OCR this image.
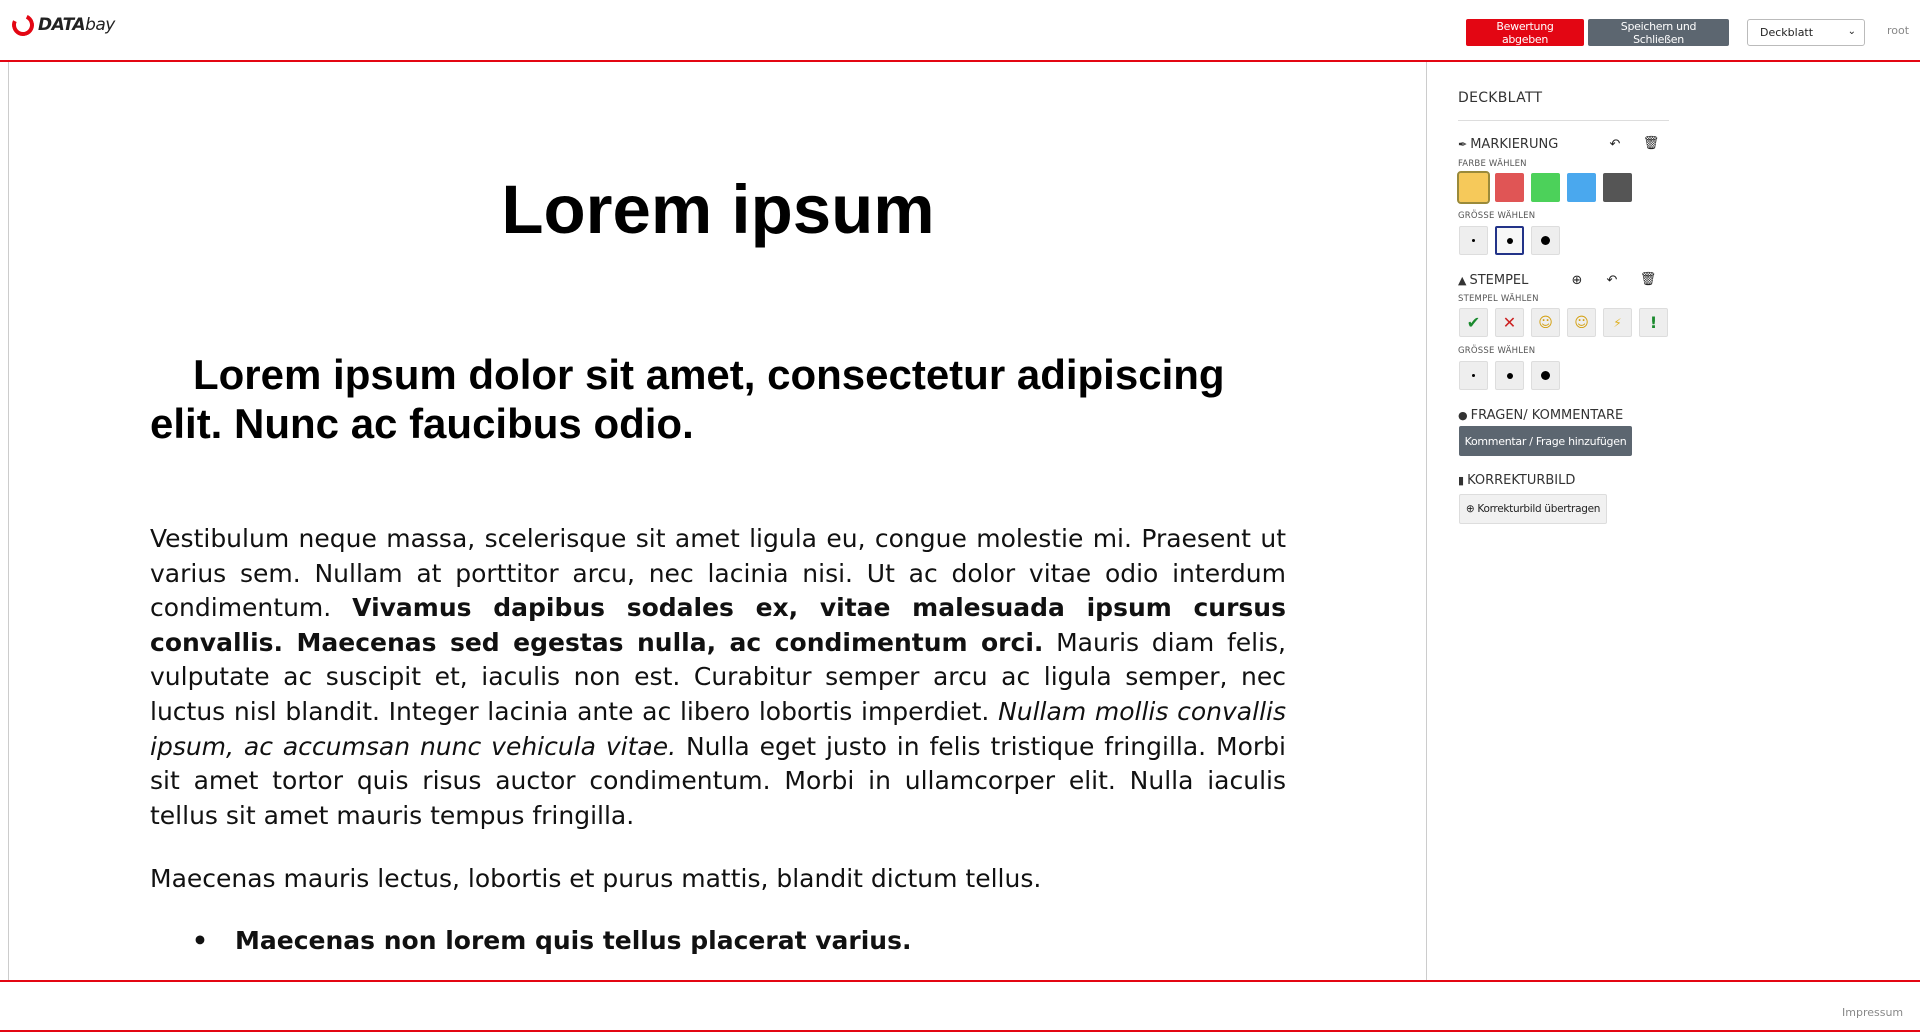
DATAbay	Bewertung abgeben
Speichern und Schließen	Deckblatt	⌄	root
Lorem ipsum
Lorem ipsum dolor sit amet, consectetur adipiscing elit. Nunc ac faucibus odio.

Vestibulum neque massa, scelerisque sit amet ligula eu, congue molestie mi. Praesent ut varius sem. Nullam at porttitor arcu, nec lacinia nisi. Ut ac dolor vitae odio interdum condimentum. Vivamus dapibus sodales ex, vitae malesuada ipsum cursus convallis. Maecenas sed egestas nulla, ac condimentum orci. Mauris diam felis, vulputate ac suscipit et, iaculis non est. Curabitur semper arcu ac ligula semper, nec luctus nisl blandit. Integer lacinia ante ac libero lobortis imperdiet. Nullam mollis convallis ipsum, ac accumsan nunc vehicula vitae. Nulla eget justo in felis tristique fringilla. Morbi sit amet tortor quis risus auctor condimentum. Morbi in ullamcorper elit. Nulla iaculis tellus sit amet mauris tempus fringilla.

Maecenas mauris lectus, lobortis et purus mattis, blandit dictum tellus.

• Maecenas non lorem quis tellus placerat varius.
DECKBLATT
✒ MARKIERUNG	↶ 🗑
FARBE WÄHLEN
GRÖSSE WÄHLEN
▲ STEMPEL	⊕ ↶ 🗑
STEMPEL WÄHLEN
✔ ✕ ☺ ☺ ⚡ !
GRÖSSE WÄHLEN
● FRAGEN/ KOMMENTARE
Kommentar / Frage hinzufügen
▮ KORREKTURBILD
⊕ Korrekturbild übertragen
Impressum
